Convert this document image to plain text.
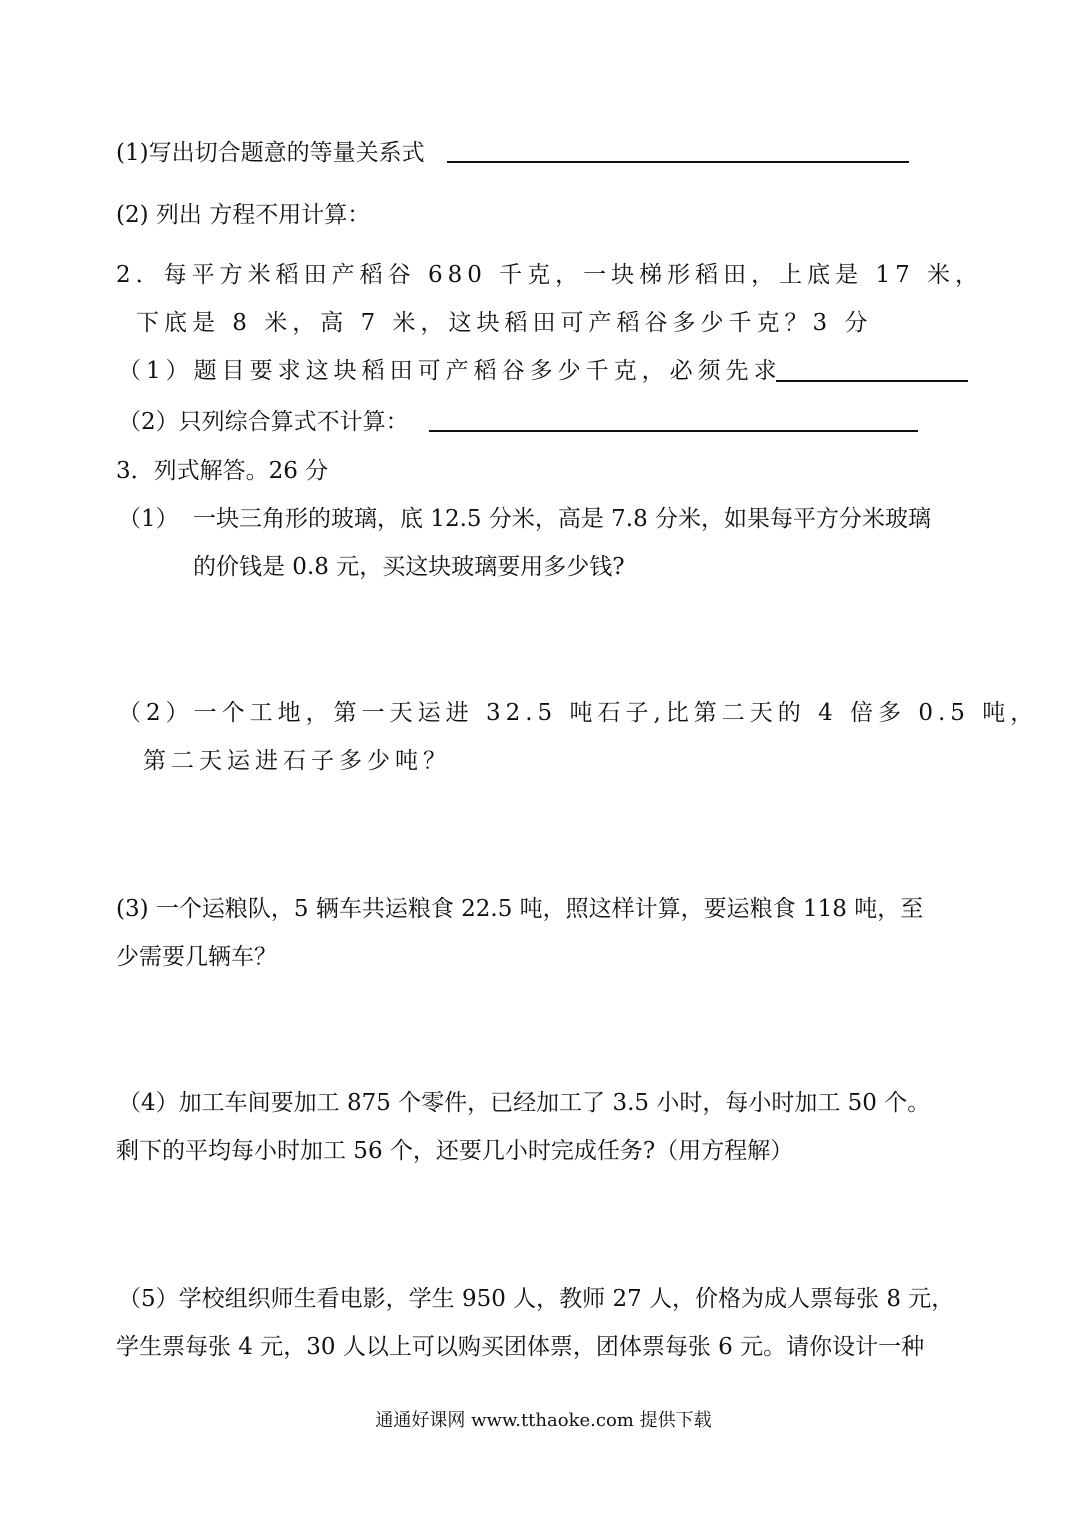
(1)写出切合题意的等量关系式
(2) 列出 方程不用计算：
2．每平方米稻田产稻谷 680 千克，一块梯形稻田，上底是 17 米，
下底是 8 米，高 7 米，这块稻田可产稻谷多少千克？3 分
（1）题目要求这块稻田可产稻谷多少千克，必须先求
（2）只列综合算式不计算：
3．列式解答。26 分
（1） 一块三角形的玻璃，底 12.5 分米，高是 7.8 分米，如果每平方分米玻璃
的价钱是 0.8 元，买这块玻璃要用多少钱?
（2）一个工地，第一天运进 32.5 吨石子,比第二天的 4 倍多 0.5 吨，
第二天运进石子多少吨？
(3) 一个运粮队，5 辆车共运粮食 22.5 吨，照这样计算，要运粮食 118 吨，至
少需要几辆车？
（4）加工车间要加工 875 个零件，已经加工了 3.5 小时，每小时加工 50 个。
剩下的平均每小时加工 56 个，还要几小时完成任务?（用方程解）
（5）学校组织师生看电影，学生 950 人，教师 27 人，价格为成人票每张 8 元，
学生票每张 4 元，30 人以上可以购买团体票，团体票每张 6 元。请你设计一种
通通好课网 www.tthaoke.com 提供下载
